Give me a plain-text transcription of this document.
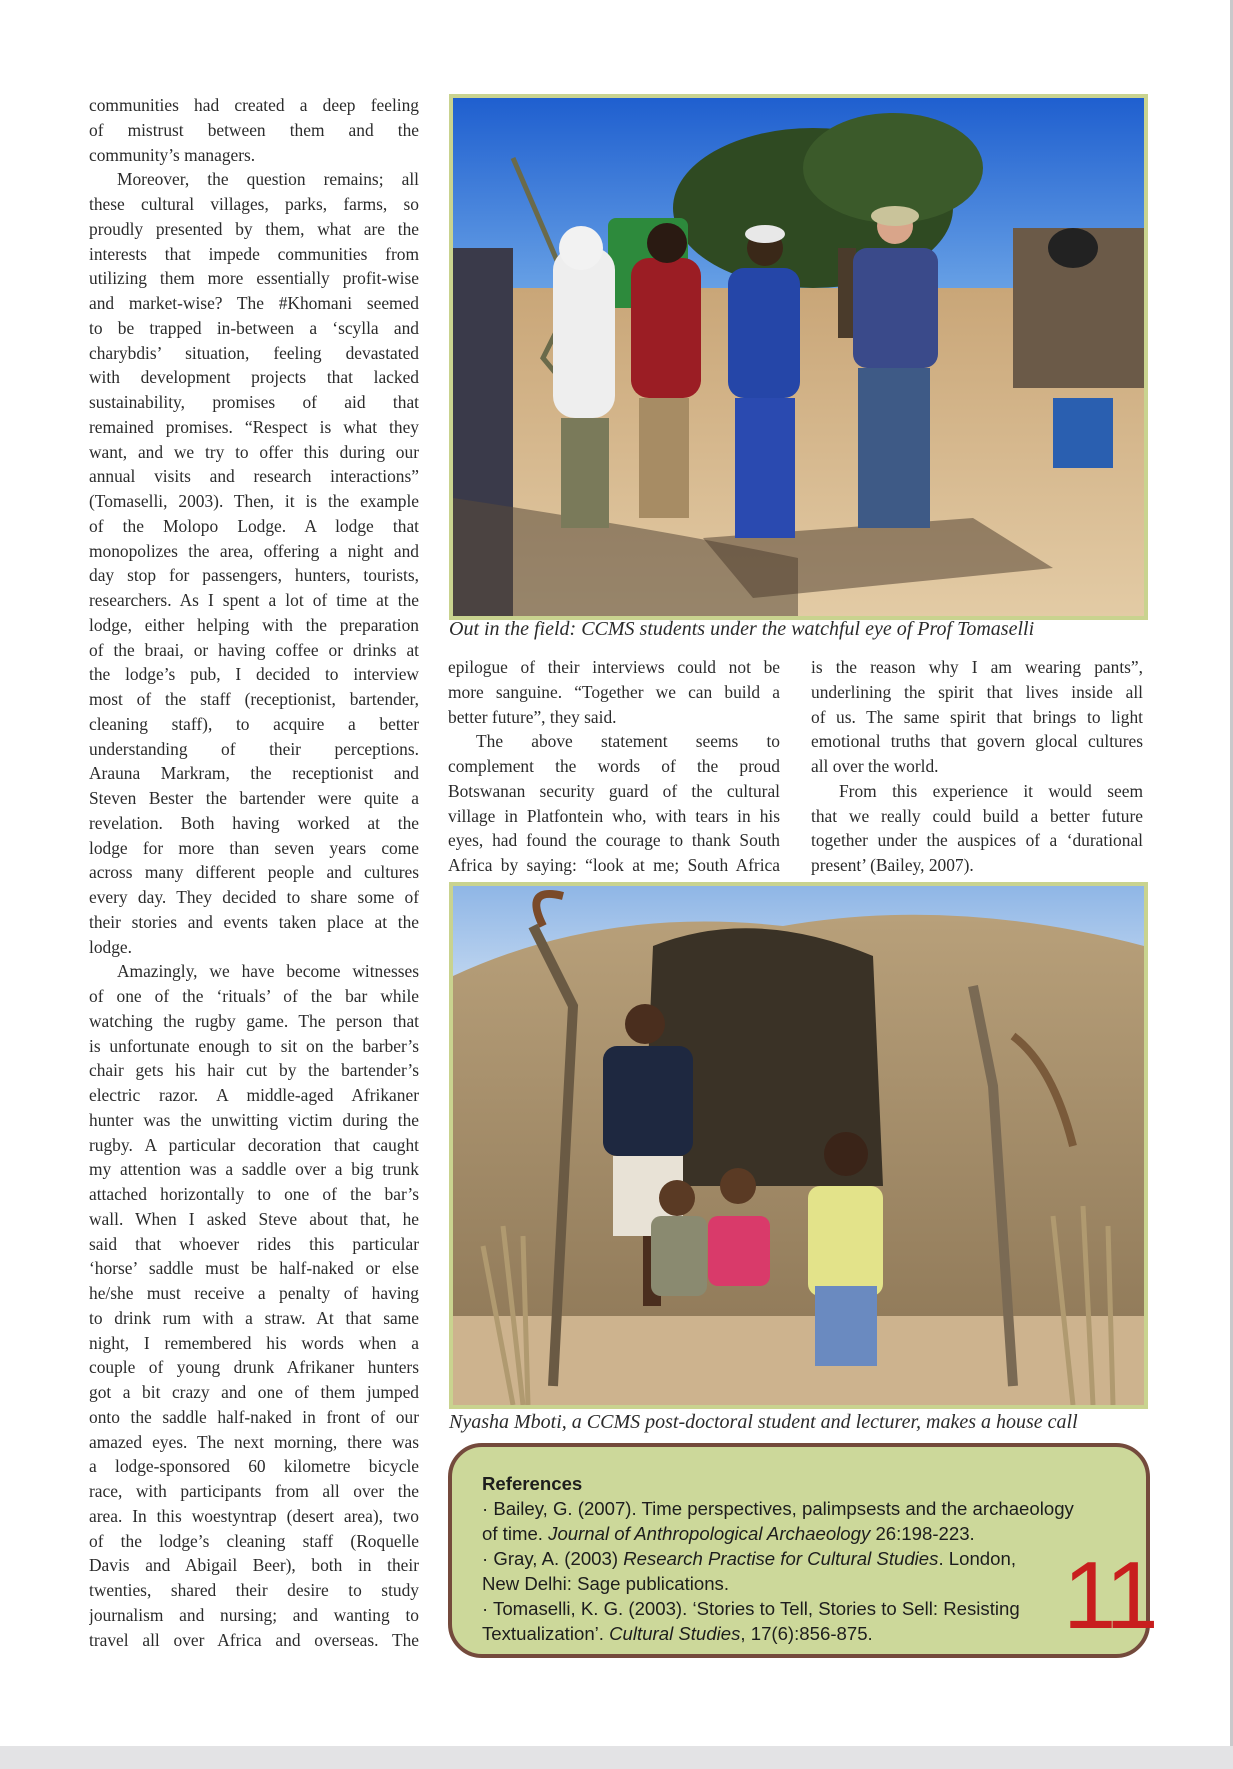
communities had created a deep feeling
of mistrust between them and the
community’s managers.
Moreover, the question remains; all
these cultural villages, parks, farms, so
proudly presented by them, what are the
interests that impede communities from
utilizing them more essentially profit-wise
and market-wise? The #Khomani seemed
to be trapped in-between a ‘scylla and
charybdis’ situation, feeling devastated
with development projects that lacked
sustainability, promises of aid that
remained promises. “Respect is what they
want, and we try to offer this during our
annual visits and research interactions”
(Tomaselli, 2003). Then, it is the example
of the Molopo Lodge. A lodge that
monopolizes the area, offering a night and
day stop for passengers, hunters, tourists,
researchers. As I spent a lot of time at the
lodge, either helping with the preparation
of the braai, or having coffee or drinks at
the lodge’s pub, I decided to interview
most of the staff (receptionist, bartender,
cleaning staff), to acquire a better
understanding of their perceptions.
Arauna Markram, the receptionist and
Steven Bester the bartender were quite a
revelation. Both having worked at the
lodge for more than seven years come
across many different people and cultures
every day. They decided to share some of
their stories and events taken place at the
lodge.
Amazingly, we have become witnesses
of one of the ‘rituals’ of the bar while
watching the rugby game. The person that
is unfortunate enough to sit on the barber’s
chair gets his hair cut by the bartender’s
electric razor. A middle-aged Afrikaner
hunter was the unwitting victim during the
rugby. A particular decoration that caught
my attention was a saddle over a big trunk
attached horizontally to one of the bar’s
wall. When I asked Steve about that, he
said that whoever rides this particular
‘horse’ saddle must be half-naked or else
he/she must receive a penalty of having
to drink rum with a straw. At that same
night, I remembered his words when a
couple of young drunk Afrikaner hunters
got a bit crazy and one of them jumped
onto the saddle half-naked in front of our
amazed eyes. The next morning, there was
a lodge-sponsored 60 kilometre bicycle
race, with participants from all over the
area. In this woestyntrap (desert area), two
of the lodge’s cleaning staff (Roquelle
Davis and Abigail Beer), both in their
twenties, shared their desire to study
journalism and nursing; and wanting to
travel all over Africa and overseas. The
Out in the field: CCMS students under the watchful eye of Prof Tomaselli
epilogue of their interviews could not be
more sanguine. “Together we can build a
better future”, they said.
The above statement seems to
complement the words of the proud
Botswanan security guard of the cultural
village in Platfontein who, with tears in his
eyes, had found the courage to thank South
Africa by saying: “look at me; South Africa
is the reason why I am wearing pants”,
underlining the spirit that lives inside all
of us. The same spirit that brings to light
emotional truths that govern glocal cultures
all over the world.
From this experience it would seem
that we really could build a better future
together under the auspices of a ‘durational
present’ (Bailey, 2007).
Nyasha Mboti, a CCMS post-doctoral student and lecturer, makes a house call
References
· Bailey, G. (2007). Time perspectives, palimpsests and the archaeology
of time. Journal of Anthropological Archaeology 26:198-223.
· Gray, A. (2003) Research Practise for Cultural Studies. London,
New Delhi: Sage publications.
· Tomaselli, K. G. (2003). ‘Stories to Tell, Stories to Sell: Resisting
Textualization’. Cultural Studies, 17(6):856-875.	11
